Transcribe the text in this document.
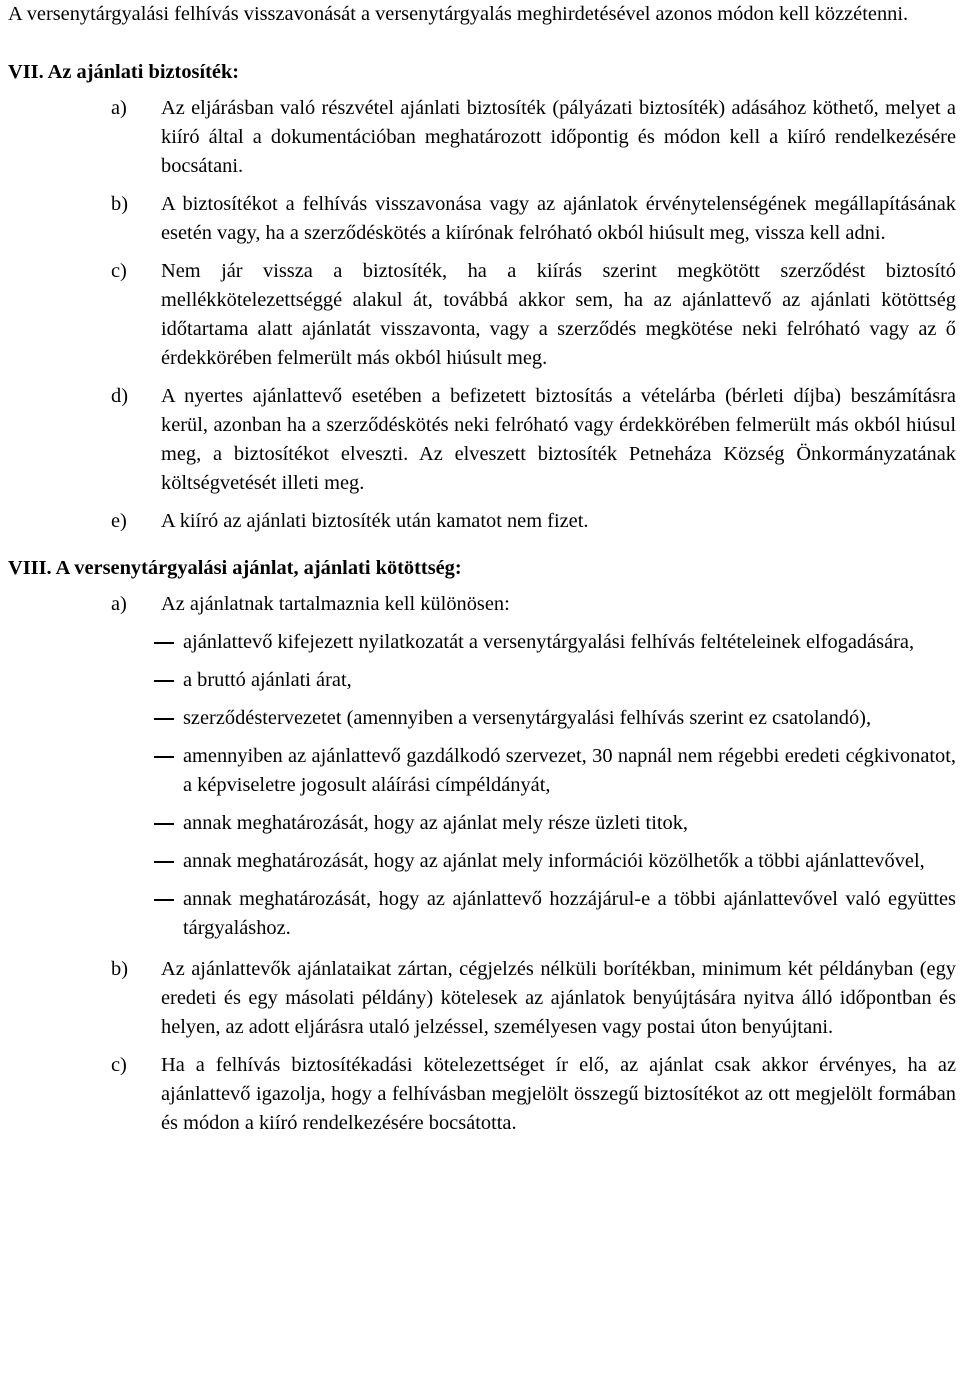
A versenytárgyalási felhívás visszavonását a versenytárgyalás meghirdetésével azonos módon kell közzétenni.

VII. Az ajánlati biztosíték:
a)	Az eljárásban való részvétel ajánlati biztosíték (pályázati biztosíték) adásához köthető, melyet a kiíró által a dokumentációban meghatározott időpontig és módon kell a kiíró rendelkezésére bocsátani.
b)	A biztosítékot a felhívás visszavonása vagy az ajánlatok érvénytelenségének megállapításának esetén vagy, ha a szerződéskötés a kiírónak felróható okból hiúsult meg, vissza kell adni.
c)	Nem jár vissza a biztosíték, ha a kiírás szerint megkötött szerződést biztosító mellékkötelezettséggé alakul át, továbbá akkor sem, ha az ajánlattevő az ajánlati kötöttség időtartama alatt ajánlatát visszavonta, vagy a szerződés megkötése neki felróható vagy az ő érdekkörében felmerült más okból hiúsult meg.
d)	A nyertes ajánlattevő esetében a befizetett biztosítás a vételárba (bérleti díjba) beszámításra kerül, azonban ha a szerződéskötés neki felróható vagy érdekkörében felmerült más okból hiúsul meg, a biztosítékot elveszti. Az elveszett biztosíték Petneháza Község Önkormányzatának költségvetését illeti meg.
e)	A kiíró az ajánlati biztosíték után kamatot nem fizet.
VIII. A versenytárgyalási ajánlat, ajánlati kötöttség:
a)	Az ajánlatnak tartalmaznia kell különösen:
ajánlattevő kifejezett nyilatkozatát a versenytárgyalási felhívás feltételeinek elfogadására,
a bruttó ajánlati árat,
szerződéstervezetet (amennyiben a versenytárgyalási felhívás szerint ez csatolandó),
amennyiben az ajánlattevő gazdálkodó szervezet, 30 napnál nem régebbi eredeti cégkivonatot, a képviseletre jogosult aláírási címpéldányát,
annak meghatározását, hogy az ajánlat mely része üzleti titok,
annak meghatározását, hogy az ajánlat mely információi közölhetők a többi ajánlattevővel,
annak meghatározását, hogy az ajánlattevő hozzájárul-e a többi ajánlattevővel való együttes tárgyaláshoz.
b)	Az ajánlattevők ajánlataikat zártan, cégjelzés nélküli borítékban, minimum két példányban (egy eredeti és egy másolati példány) kötelesek az ajánlatok benyújtására nyitva álló időpontban és helyen, az adott eljárásra utaló jelzéssel, személyesen vagy postai úton benyújtani.
c)	Ha a felhívás biztosítékadási kötelezettséget ír elő, az ajánlat csak akkor érvényes, ha az ajánlattevő igazolja, hogy a felhívásban megjelölt összegű biztosítékot az ott megjelölt formában és módon a kiíró rendelkezésére bocsátotta.
